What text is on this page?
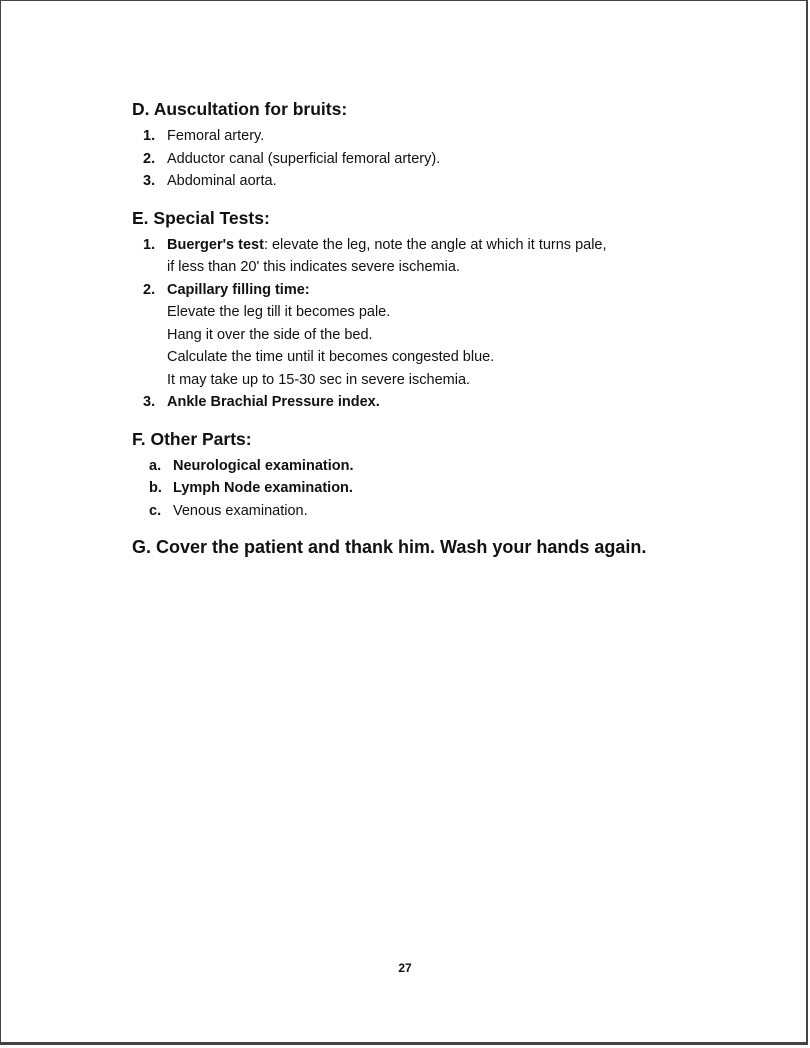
D. Auscultation for bruits:
1. Femoral artery.
2. Adductor canal (superficial femoral artery).
3. Abdominal aorta.
E. Special Tests:
1. Buerger's test: elevate the leg, note the angle at which it turns pale,
if less than 20' this indicates severe ischemia.
2. Capillary filling time:
Elevate the leg till it becomes pale.
Hang it over the side of the bed.
Calculate the time until it becomes congested blue.
It may take up to 15-30 sec in severe ischemia.
3. Ankle Brachial Pressure index.
F. Other Parts:
a. Neurological examination.
b. Lymph Node examination.
c. Venous examination.
G. Cover the patient and thank him. Wash your hands again.
27
